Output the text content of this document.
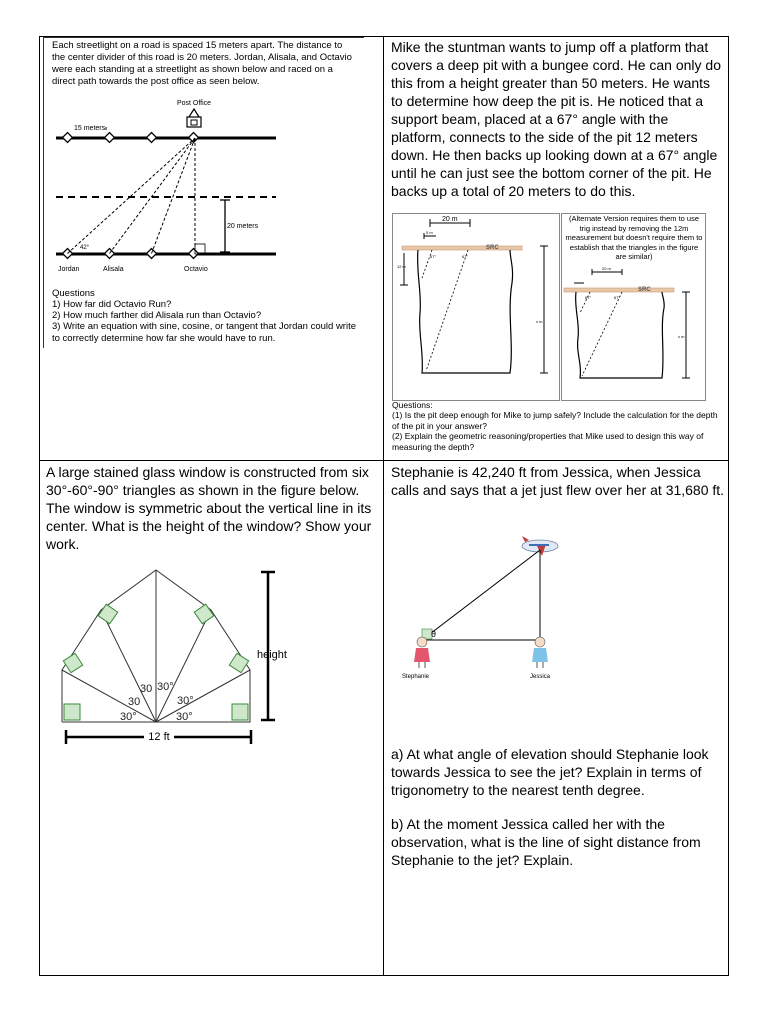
Each streetlight on a road is spaced 15 meters apart. The distance to the center divider of this road is 20 meters. Jordan, Alisala, and Octavio were each standing at a streetlight as shown below and raced on a direct path towards the post office as seen below.
Post Office
15 meters
42°
20 meters
Jordan	Alisala	Octavio
Questions
1) How far did Octavio Run?
2) How much farther did Alisala run than Octavio?
3) Write an equation with sine, cosine, or tangent that Jordan could write to correctly determine how far she would have to run.
Mike the stuntman wants to jump off a platform that covers a deep pit with a bungee cord. He can only do this from a height greater than 50 meters. He wants to determine how deep the pit is. He noticed that a support beam, placed at a 67° angle with the platform, connects to the side of the pit 12 meters down. He then backs up looking down at a 67° angle until he can just see the bottom corner of the pit. He backs up a total of 20 meters to do this.
20 m
5 m
SRC
12 m
67°	67°
x m
20 m
SRC
67°	67°
x m
(Alternate Version requires them to use trig instead by removing the 12m measurement but doesn't require them to establish that the triangles in the figure are similar)
Questions:
(1) Is the pit deep enough for Mike to jump safely? Include the calculation for the depth of the pit in your answer?
(2) Explain the geometric reasoning/properties that Mike used to design this way of measuring the depth?
A large stained glass window is constructed from six 30°-60°-90° triangles as shown in the figure below. The window is symmetric about the vertical line in its center. What is the height of the window? Show your work.
30°
30
30 30°
30°
30°
height
12 ft
Stephanie is 42,240 ft from Jessica, when Jessica calls and says that a jet just flew over her at 31,680 ft.
θ
Stephanie	Jessica
a) At what angle of elevation should Stephanie look towards Jessica to see the jet? Explain in terms of trigonometry to the nearest tenth degree.
b) At the moment Jessica called her with the observation, what is the line of sight distance from Stephanie to the jet? Explain.
